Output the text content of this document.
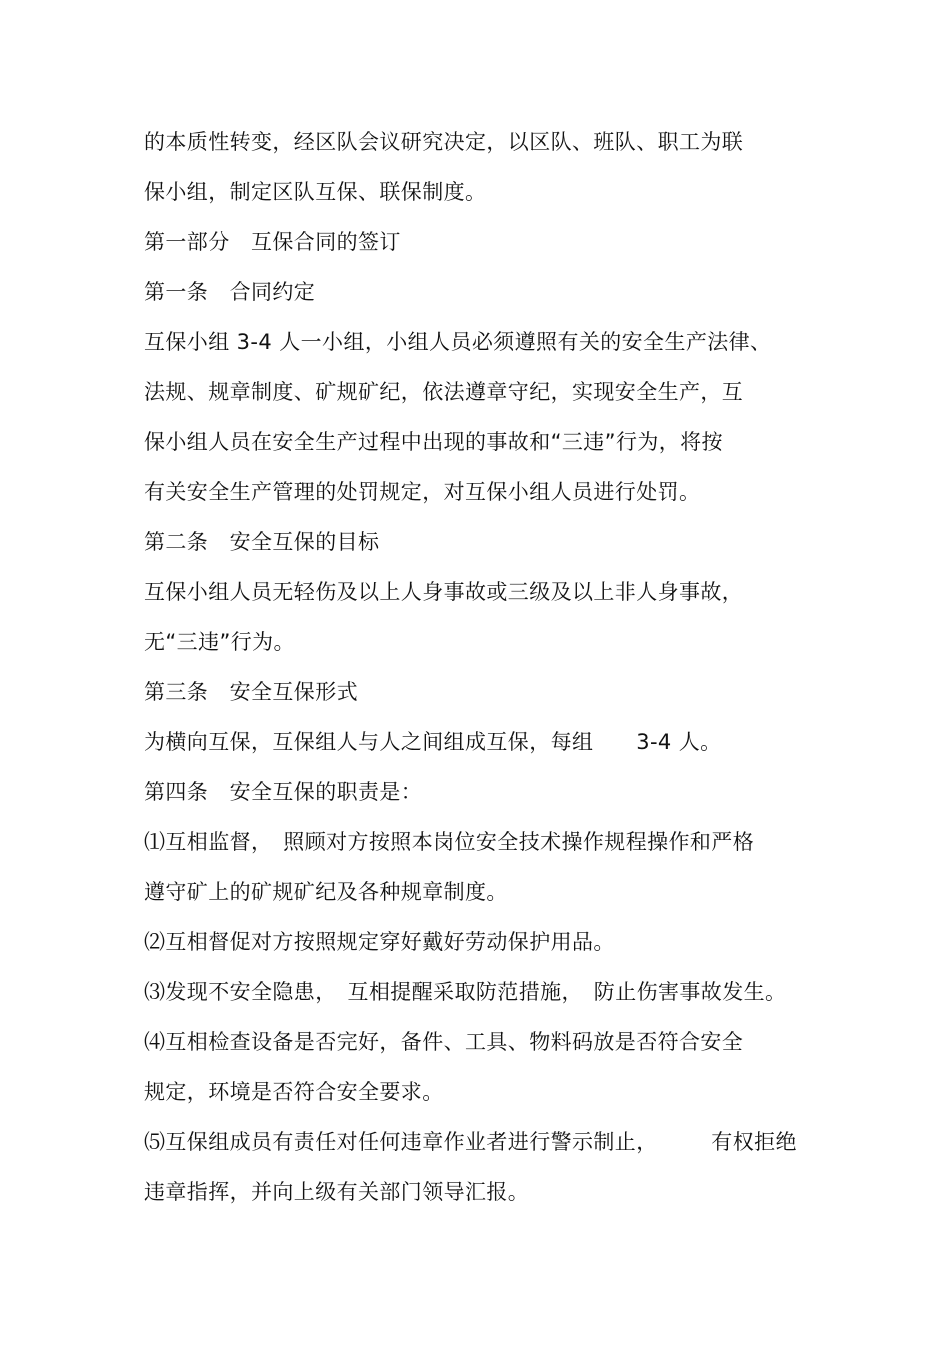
的本质性转变，经区队会议研究决定，以区队、班队、职工为联
保小组，制定区队互保、联保制度。
第一部分　互保合同的签订
第一条　合同约定
互保小组 3-4 人一小组，小组人员必须遵照有关的安全生产法律、
法规、规章制度、矿规矿纪，依法遵章守纪，实现安全生产，互
保小组人员在安全生产过程中出现的事故和“三违”行为，将按
有关安全生产管理的处罚规定，对互保小组人员进行处罚。
第二条　安全互保的目标
互保小组人员无轻伤及以上人身事故或三级及以上非人身事故，
无“三违”行为。
第三条　安全互保形式
为横向互保，互保组人与人之间组成互保，每组　　3-4 人。
第四条　安全互保的职责是：
⑴互相监督，　照顾对方按照本岗位安全技术操作规程操作和严格
遵守矿上的矿规矿纪及各种规章制度。
⑵互相督促对方按照规定穿好戴好劳动保护用品。
⑶发现不安全隐患，　互相提醒采取防范措施，　防止伤害事故发生。
⑷互相检查设备是否完好，备件、工具、物料码放是否符合安全
规定，环境是否符合安全要求。
⑸互保组成员有责任对任何违章作业者进行警示制止，　　　有权拒绝
违章指挥，并向上级有关部门领导汇报。
